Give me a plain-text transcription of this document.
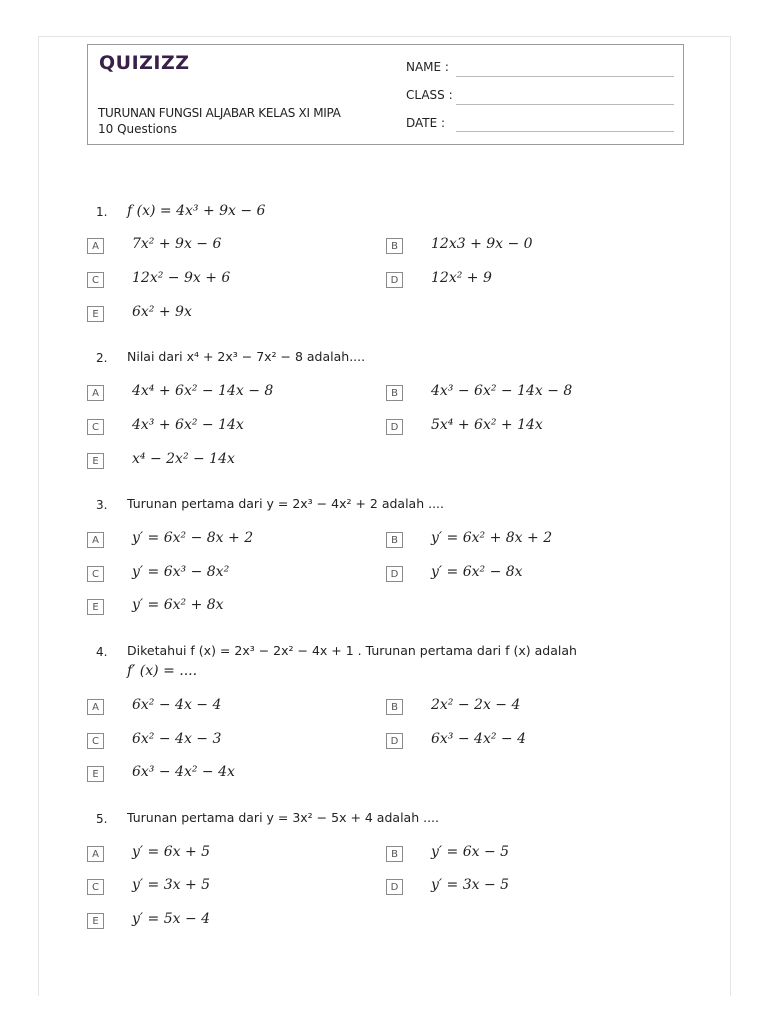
QUIZIZZ
TURUNAN FUNGSI ALJABAR KELAS XI MIPA
10 Questions
NAME :
CLASS :
DATE :
1. f (x) = 4x³ + 9x − 6
A	7x² + 9x − 6	B	12x3 + 9x − 0
C	12x² − 9x + 6	D	12x² + 9
E	6x² + 9x
2. Nilai dari x⁴ + 2x³ − 7x² − 8 adalah....
A	4x⁴ + 6x² − 14x − 8	B	4x³ − 6x² − 14x − 8
C	4x³ + 6x² − 14x	D	5x⁴ + 6x² + 14x
E	x⁴ − 2x² − 14x
3. Turunan pertama dari y = 2x³ − 4x² + 2 adalah ....
A	y′ = 6x² − 8x + 2	B	y′ = 6x² + 8x + 2
C	y′ = 6x³ − 8x²	D	y′ = 6x² − 8x
E	y′ = 6x² + 8x
4. Diketahui f (x) = 2x³ − 2x² − 4x + 1 . Turunan pertama dari f (x) adalah
f′ (x) = ....
A	6x² − 4x − 4	B	2x² − 2x − 4
C	6x² − 4x − 3	D	6x³ − 4x² − 4
E	6x³ − 4x² − 4x
5. Turunan pertama dari y = 3x² − 5x + 4 adalah ....
A	y′ = 6x + 5	B	y′ = 6x − 5
C	y′ = 3x + 5	D	y′ = 3x − 5
E	y′ = 5x − 4
